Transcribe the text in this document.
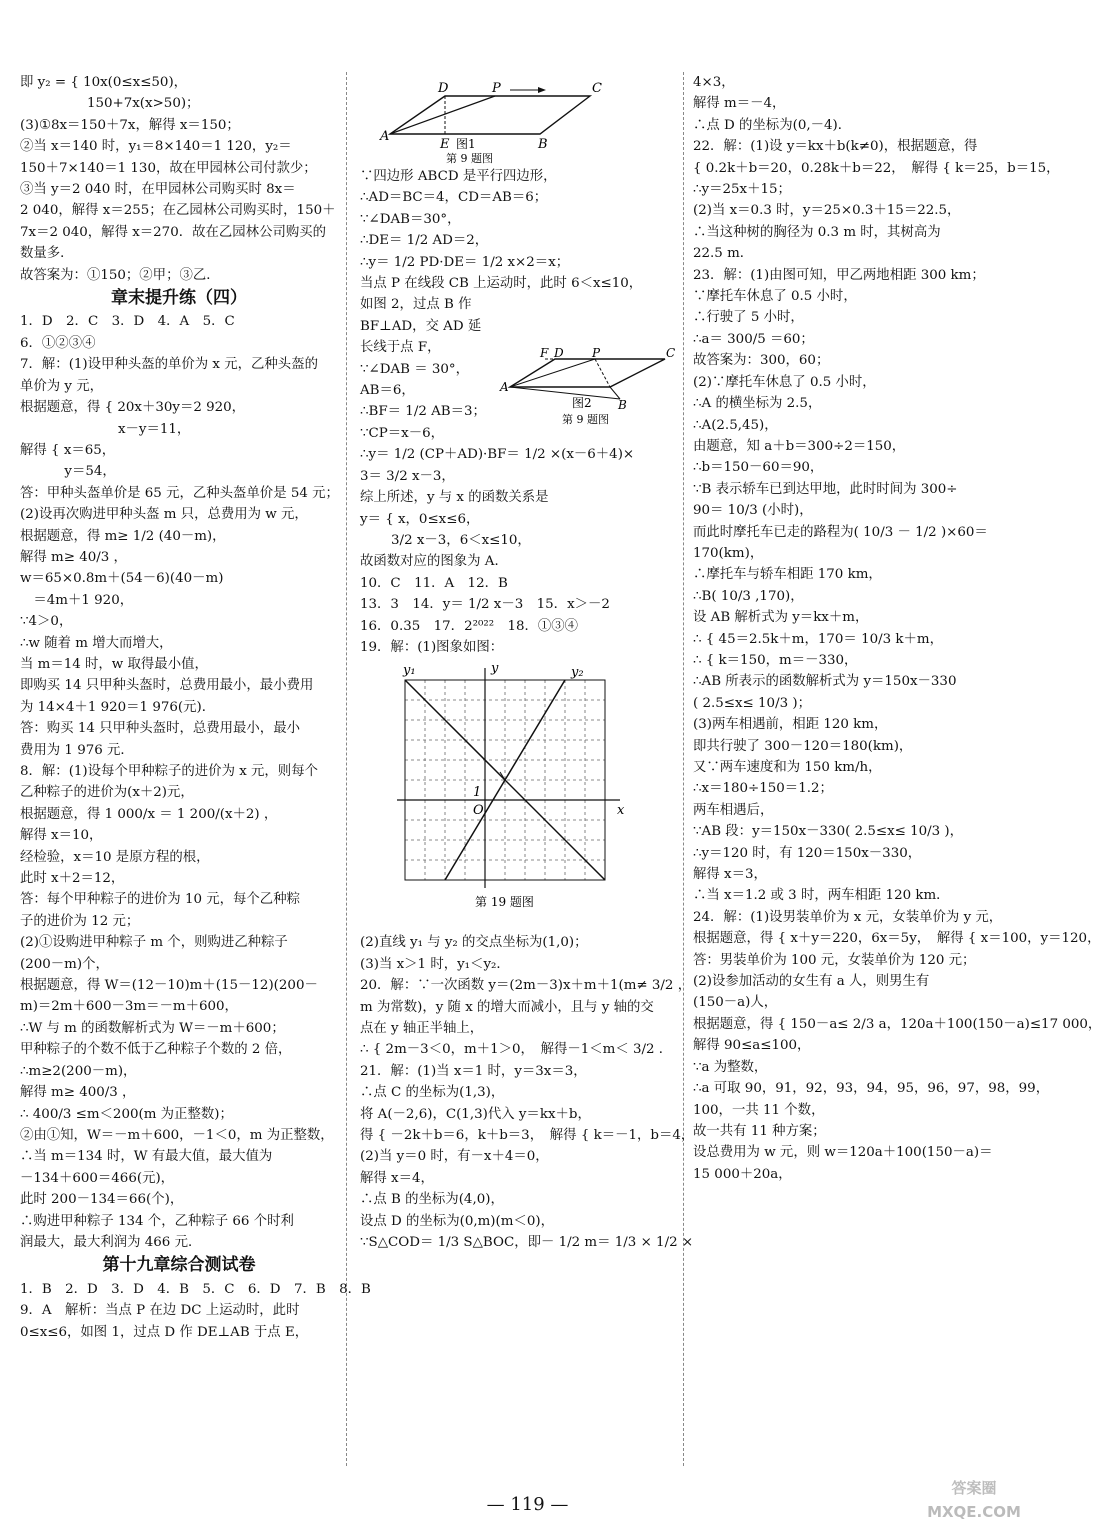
即 y₂ = { 10x(0≤x≤50)，
　　　　　150+7x(x>50)；
(3)①8x＝150＋7x，解得 x＝150；
②当 x＝140 时，y₁＝8×140＝1 120，y₂＝
150＋7×140＝1 130，故在甲园林公司付款少；
③当 y＝2 040 时，在甲园林公司购买时 8x＝
2 040，解得 x＝255；在乙园林公司购买时，150＋
7x＝2 040，解得 x＝270．故在乙园林公司购买的
数量多．
故答案为：①150；②甲；③乙．
章末提升练（四）
1．D　2．C　3．D　4．A　5．C
6．①②③④
7．解：(1)设甲种头盔的单价为 x 元，乙种头盔的
单价为 y 元，
根据题意，得 { 20x＋30y＝2 920，
　　　　　　　 x－y＝11，
解得 { x＝65，
　　　 y＝54，
答：甲种头盔单价是 65 元，乙种头盔单价是 54 元；
(2)设再次购进甲种头盔 m 只，总费用为 w 元，
根据题意，得 m≥ 1/2 (40－m)，
解得 m≥ 40/3 ，
w＝65×0.8m＋(54－6)(40－m)
　＝4m＋1 920，
∵4＞0，
∴w 随着 m 增大而增大，
当 m＝14 时，w 取得最小值，
即购买 14 只甲种头盔时，总费用最小，最小费用
为 14×4＋1 920＝1 976(元)．
答：购买 14 只甲种头盔时，总费用最小，最小
费用为 1 976 元．
8．解：(1)设每个甲种粽子的进价为 x 元，则每个
乙种粽子的进价为(x＋2)元，
根据题意，得 1 000/x ＝ 1 200/(x＋2) ，
解得 x＝10，
经检验，x＝10 是原方程的根，
此时 x＋2＝12，
答：每个甲种粽子的进价为 10 元，每个乙种粽
子的进价为 12 元；
(2)①设购进甲种粽子 m 个，则购进乙种粽子
(200－m)个，
根据题意，得 W＝(12－10)m＋(15－12)(200－
m)＝2m＋600－3m＝－m＋600，
∴W 与 m 的函数解析式为 W＝－m＋600；
甲种粽子的个数不低于乙种粽子个数的 2 倍，
∴m≥2(200－m)，
解得 m≥ 400/3 ，
∴ 400/3 ≤m＜200(m 为正整数)；
②由①知，W＝－m＋600，－1＜0，m 为正整数，
∴当 m＝134 时，W 有最大值，最大值为
－134＋600＝466(元)，
此时 200－134＝66(个)，
∴购进甲种粽子 134 个，乙种粽子 66 个时利
润最大，最大利润为 466 元．
第十九章综合测试卷
1．B　2．D　3．D　4．B　5．C　6．D　7．B　8．B
9．A　解析：当点 P 在边 DC 上运动时，此时
0≤x≤6，如图 1，过点 D 作 DE⊥AB 于点 E，
D	P	C
A
E	B
图1
第 9 题图
∵四边形 ABCD 是平行四边形，
∴AD＝BC＝4，CD＝AB＝6；
∵∠DAB＝30°，
∴DE＝ 1/2 AD＝2，
∴y＝ 1/2 PD·DE＝ 1/2 x×2＝x；
当点 P 在线段 CB 上运动时，此时 6＜x≤10，
如图 2，过点 B 作
BF⊥AD，交 AD 延
长线于点 F，
∵∠DAB ＝ 30°，
AB＝6，
∴BF＝ 1/2 AB＝3；
∵CP＝x－6，
∴y＝ 1/2 (CP＋AD)·BF＝ 1/2 ×(x－6＋4)×
3＝ 3/2 x－3，
综上所述，y 与 x 的函数关系是
y＝ { x，0≤x≤6，
　　 3/2 x－3，6＜x≤10，
故函数对应的图象为 A．
10．C　11．A　12．B
13．3　14．y＝ 1/2 x－3　15．x＞－2
16．0.35　17．2²⁰²²　18．①③④
19．解：(1)图象如图：
F D P	C
A
B
图2
第 9 题图
y₁	y	y₂
x
O
1
第 19 题图
(2)直线 y₁ 与 y₂ 的交点坐标为(1,0)；
(3)当 x＞1 时，y₁＜y₂．
20．解：∵一次函数 y＝(2m－3)x＋m＋1(m≠ 3/2 ，
m 为常数)，y 随 x 的增大而减小，且与 y 轴的交
点在 y 轴正半轴上，
∴ { 2m－3＜0，m＋1＞0，　解得－1＜m＜ 3/2 ．
21．解：(1)当 x＝1 时，y＝3x＝3，
∴点 C 的坐标为(1,3)，
将 A(－2,6)，C(1,3)代入 y＝kx＋b，
得 { －2k＋b＝6，k＋b＝3，　解得 { k＝－1，b＝4，
(2)当 y＝0 时，有－x＋4＝0，
解得 x＝4，
∴点 B 的坐标为(4,0)，
设点 D 的坐标为(0,m)(m＜0)，
∵S△COD＝ 1/3 S△BOC，即－ 1/2 m＝ 1/3 × 1/2 ×
4×3，
解得 m＝－4，
∴点 D 的坐标为(0,－4)．
22．解：(1)设 y＝kx＋b(k≠0)，根据题意，得
{ 0.2k＋b＝20，0.28k＋b＝22，　解得 { k＝25，b＝15，
∴y＝25x＋15；
(2)当 x＝0.3 时，y＝25×0.3＋15＝22.5，
∴当这种树的胸径为 0.3 m 时，其树高为
22.5 m．
23．解：(1)由图可知，甲乙两地相距 300 km；
∵摩托车休息了 0.5 小时，
∴行驶了 5 小时，
∴a＝ 300/5 ＝60；
故答案为：300，60；
(2)∵摩托车休息了 0.5 小时，
∴A 的横坐标为 2.5，
∴A(2.5,45)，
由题意，知 a＋b＝300÷2＝150，
∴b＝150－60＝90，
∵B 表示轿车已到达甲地，此时时间为 300÷
90＝ 10/3 (小时)，
而此时摩托车已走的路程为( 10/3 － 1/2 )×60＝
170(km)，
∴摩托车与轿车相距 170 km，
∴B( 10/3 ,170)，
设 AB 解析式为 y＝kx＋m，
∴ { 45＝2.5k＋m，170＝ 10/3 k＋m，
∴ { k＝150，m＝－330，
∴AB 所表示的函数解析式为 y＝150x－330
( 2.5≤x≤ 10/3 )；
(3)两车相遇前，相距 120 km，
即共行驶了 300－120＝180(km)，
又∵两车速度和为 150 km/h，
∴x＝180÷150＝1.2；
两车相遇后，
∵AB 段：y＝150x－330( 2.5≤x≤ 10/3 )，
∴y＝120 时，有 120＝150x－330，
解得 x＝3，
∴当 x＝1.2 或 3 时，两车相距 120 km．
24．解：(1)设男装单价为 x 元，女装单价为 y 元，
根据题意，得 { x＋y＝220，6x＝5y，　解得 { x＝100，y＝120，
答：男装单价为 100 元，女装单价为 120 元；
(2)设参加活动的女生有 a 人，则男生有
(150－a)人，
根据题意，得 { 150－a≤ 2/3 a，120a＋100(150－a)≤17 000，
解得 90≤a≤100，
∵a 为整数，
∴a 可取 90，91，92，93，94，95，96，97，98，99，
100，一共 11 个数，
故一共有 11 种方案；
设总费用为 w 元，则 w＝120a＋100(150－a)＝
15 000＋20a，
— 119 —
答案圈
MXQE.COM
